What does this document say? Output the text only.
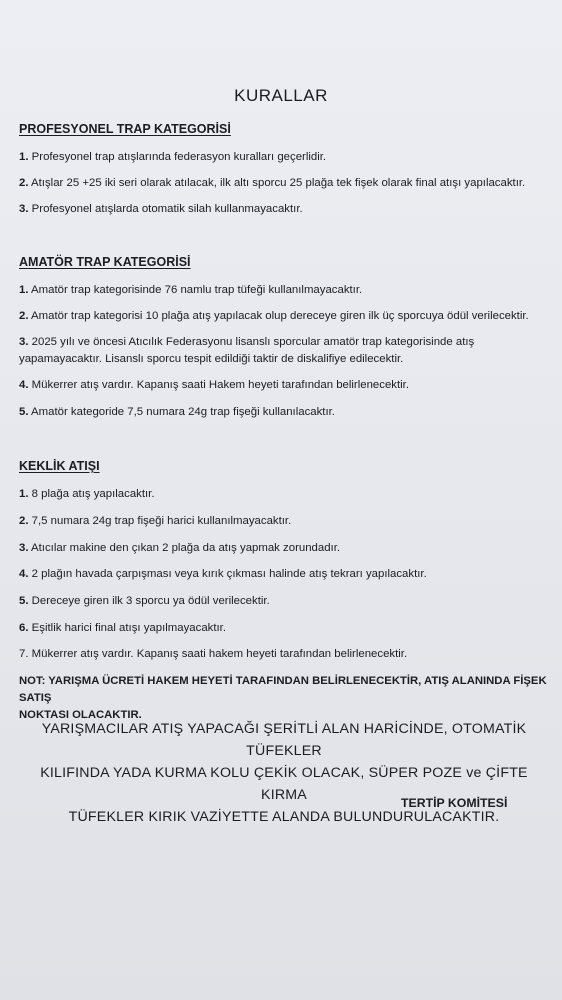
KURALLAR
PROFESYONEL TRAP KATEGORİSİ
1. Profesyonel trap atışlarında federasyon kuralları geçerlidir.
2. Atışlar 25 +25 iki seri olarak atılacak, ilk altı sporcu 25 plağa tek fişek olarak final atışı yapılacaktır.
3. Profesyonel atışlarda otomatik silah kullanmayacaktır.
AMATÖR TRAP KATEGORİSİ
1. Amatör trap kategorisinde 76 namlu trap tüfeği kullanılmayacaktır.
2. Amatör trap kategorisi 10 plağa atış yapılacak olup dereceye giren ilk üç sporcuya ödül verilecektir.
3. 2025 yılı ve öncesi Atıcılık Federasyonu lisanslı sporcular amatör trap kategorisinde atış
yapamayacaktır. Lisanslı sporcu tespit edildiği taktir de diskalifiye edilecektir.
4. Mükerrer atış vardır. Kapanış saati Hakem heyeti tarafından belirlenecektir.
5. Amatör kategoride 7,5 numara 24g trap fişeği kullanılacaktır.
KEKLİK ATIŞI
1. 8 plağa atış yapılacaktır.
2. 7,5 numara 24g trap fişeği harici kullanılmayacaktır.
3. Atıcılar makine den çıkan 2 plağa da atış yapmak zorundadır.
4. 2 plağın havada çarpışması veya kırık çıkması halinde atış tekrarı yapılacaktır.
5. Dereceye giren ilk 3 sporcu ya ödül verilecektir.
6. Eşitlik harici final atışı yapılmayacaktır.
7. Mükerrer atış vardır. Kapanış saati hakem heyeti tarafından belirlenecektir.
NOT: YARIŞMA ÜCRETİ HAKEM HEYETİ TARAFINDAN BELİRLENECEKTİR, ATIŞ ALANINDA FİŞEK SATIŞ
NOKTASI OLACAKTIR.
YARIŞMACILAR ATIŞ YAPACAĞI ŞERİTLİ ALAN HARİCİNDE, OTOMATİK TÜFEKLER
KILIFINDA YADA KURMA KOLU ÇEKİK OLACAK, SÜPER POZE ve ÇİFTE KIRMA
TÜFEKLER KIRIK VAZİYETTE ALANDA BULUNDURULACAKTIR.
TERTİP KOMİTESİ
